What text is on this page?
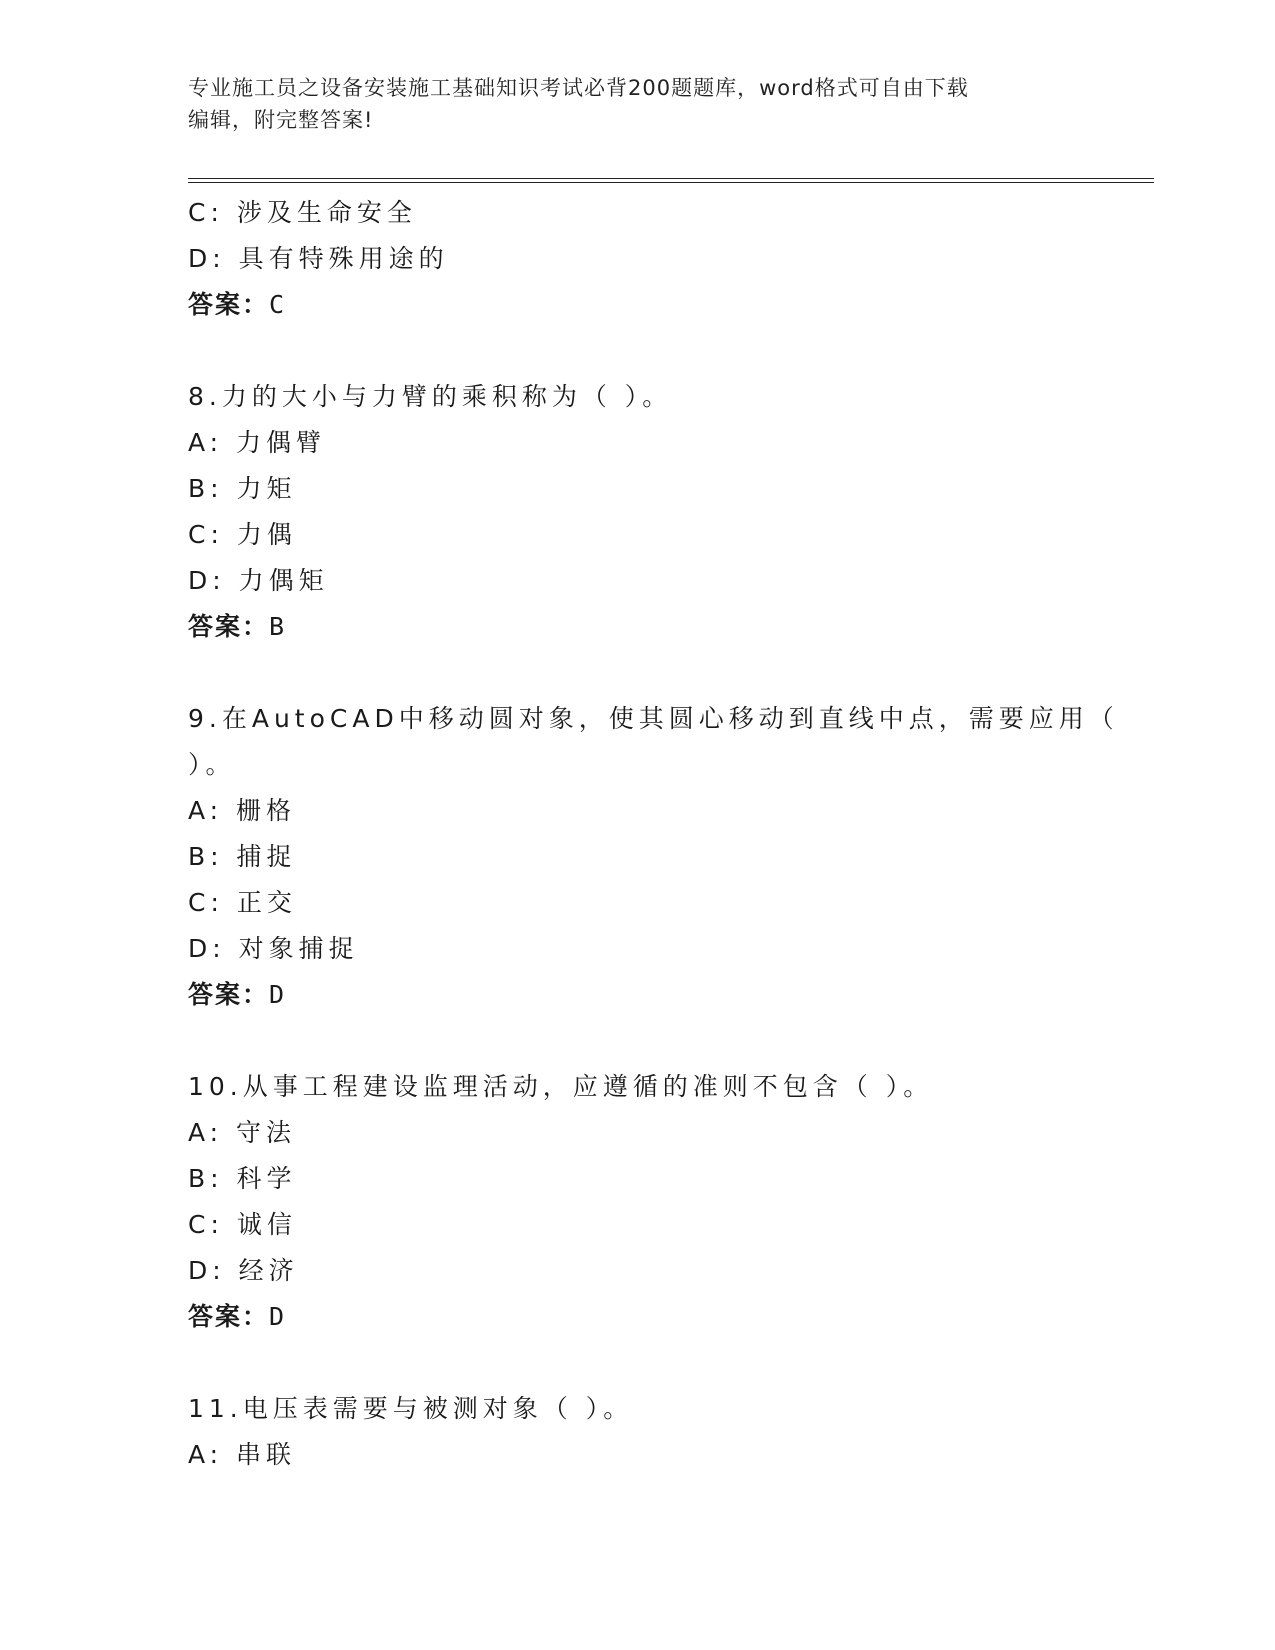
专业施工员之设备安装施工基础知识考试必背200题题库，word格式可自由下载
编辑，附完整答案!
C: 涉及生命安全
D: 具有特殊用途的
答案：C
8.力的大小与力臂的乘积称为（ ）。
A: 力偶臂
B: 力矩
C: 力偶
D: 力偶矩
答案：B
9.在AutoCAD中移动圆对象，使其圆心移动到直线中点，需要应用（
）。
A: 栅格
B: 捕捉
C: 正交
D: 对象捕捉
答案：D
10.从事工程建设监理活动，应遵循的准则不包含（ ）。
A: 守法
B: 科学
C: 诚信
D: 经济
答案：D
11.电压表需要与被测对象（ ）。
A: 串联
